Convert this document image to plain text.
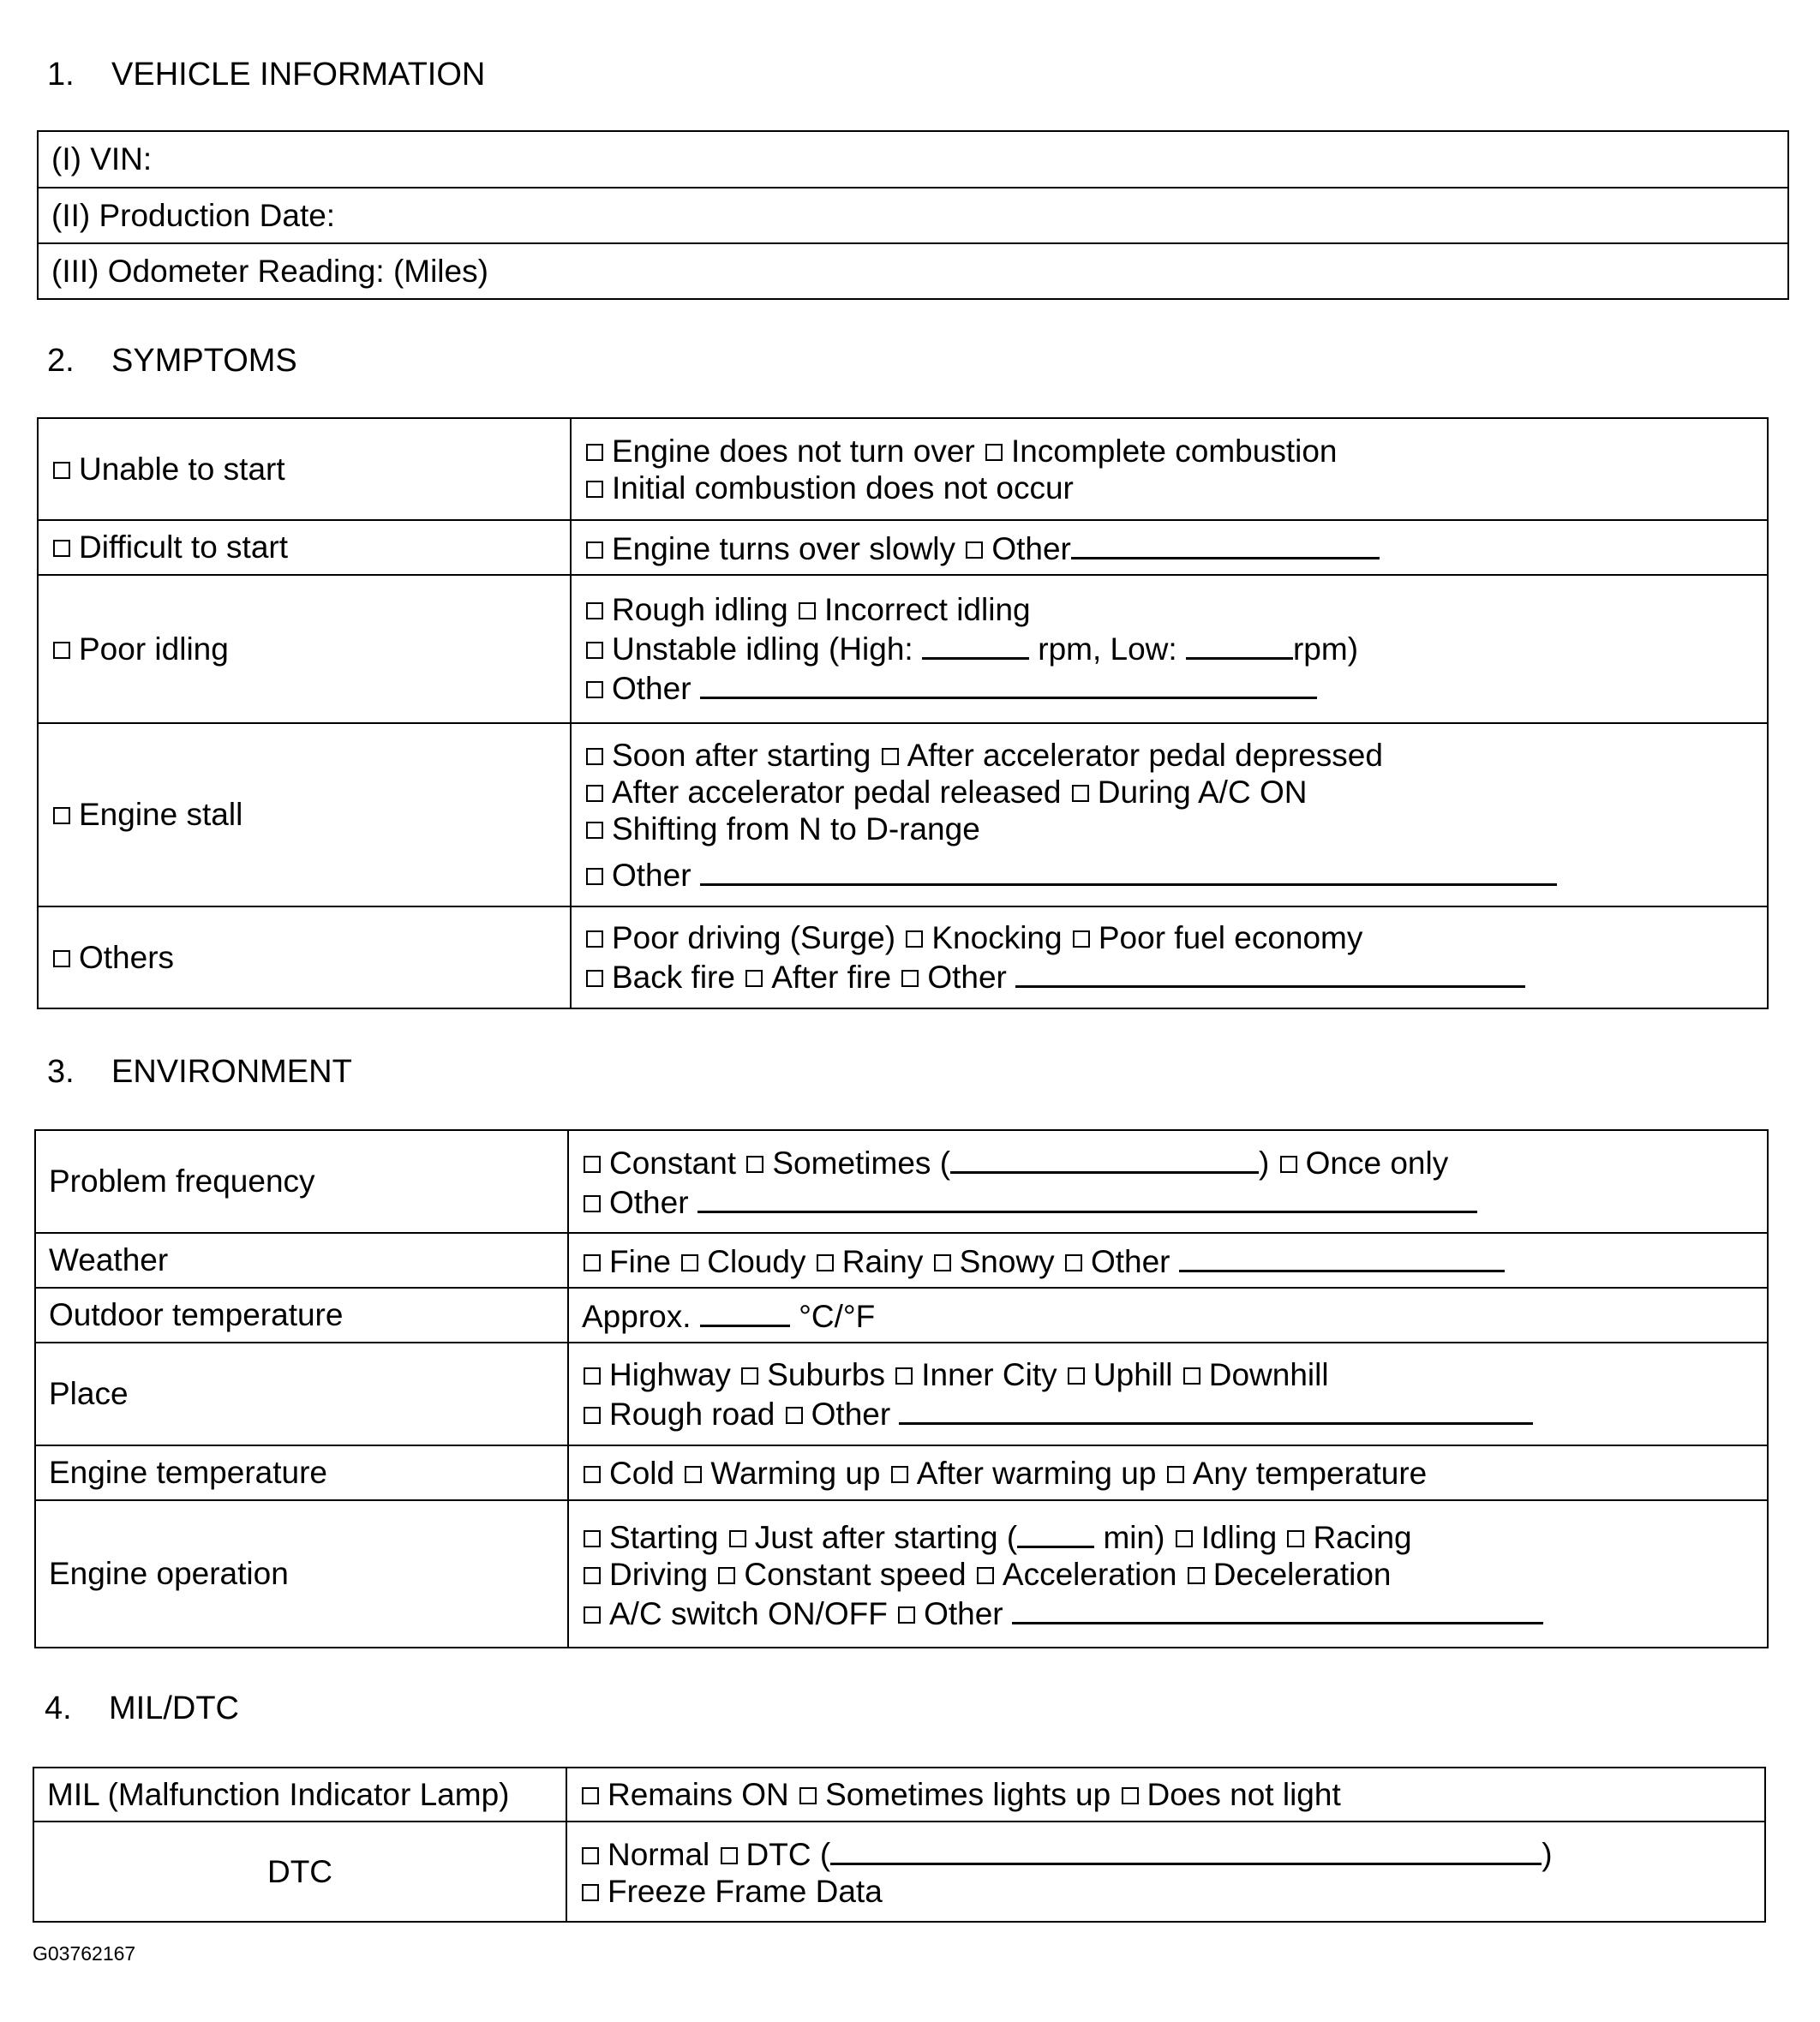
1. VEHICLE INFORMATION
(I) VIN:
(II) Production Date:
(III) Odometer Reading: (Miles)
2. SYMPTOMS
Unable to start	Engine does not turn over Incomplete combustion
Initial combustion does not occur

Difficult to start	Engine turns over slowly Other

Poor idling	Rough idling Incorrect idling
Unstable idling (High: rpm, Low: rpm)
Other

Engine stall	Soon after starting After accelerator pedal depressed
After accelerator pedal released During A/C ON
Shifting from N to D-range
Other

Others	Poor driving (Surge) Knocking Poor fuel economy
Back fire After fire Other
3. ENVIRONMENT
Problem frequency	Constant Sometimes ( ) Once only
Other

Weather	Fine Cloudy Rainy Snowy Other

Outdoor temperature	Approx. °C/°F

Place	Highway Suburbs Inner City Uphill Downhill
Rough road Other

Engine temperature	Cold Warming up After warming up Any temperature

Engine operation	Starting Just after starting ( min) Idling Racing
Driving Constant speed Acceleration Deceleration
A/C switch ON/OFF Other
4. MIL/DTC
MIL (Malfunction Indicator Lamp)	Remains ON Sometimes lights up Does not light

DTC	Normal DTC ( )
Freeze Frame Data
G03762167
